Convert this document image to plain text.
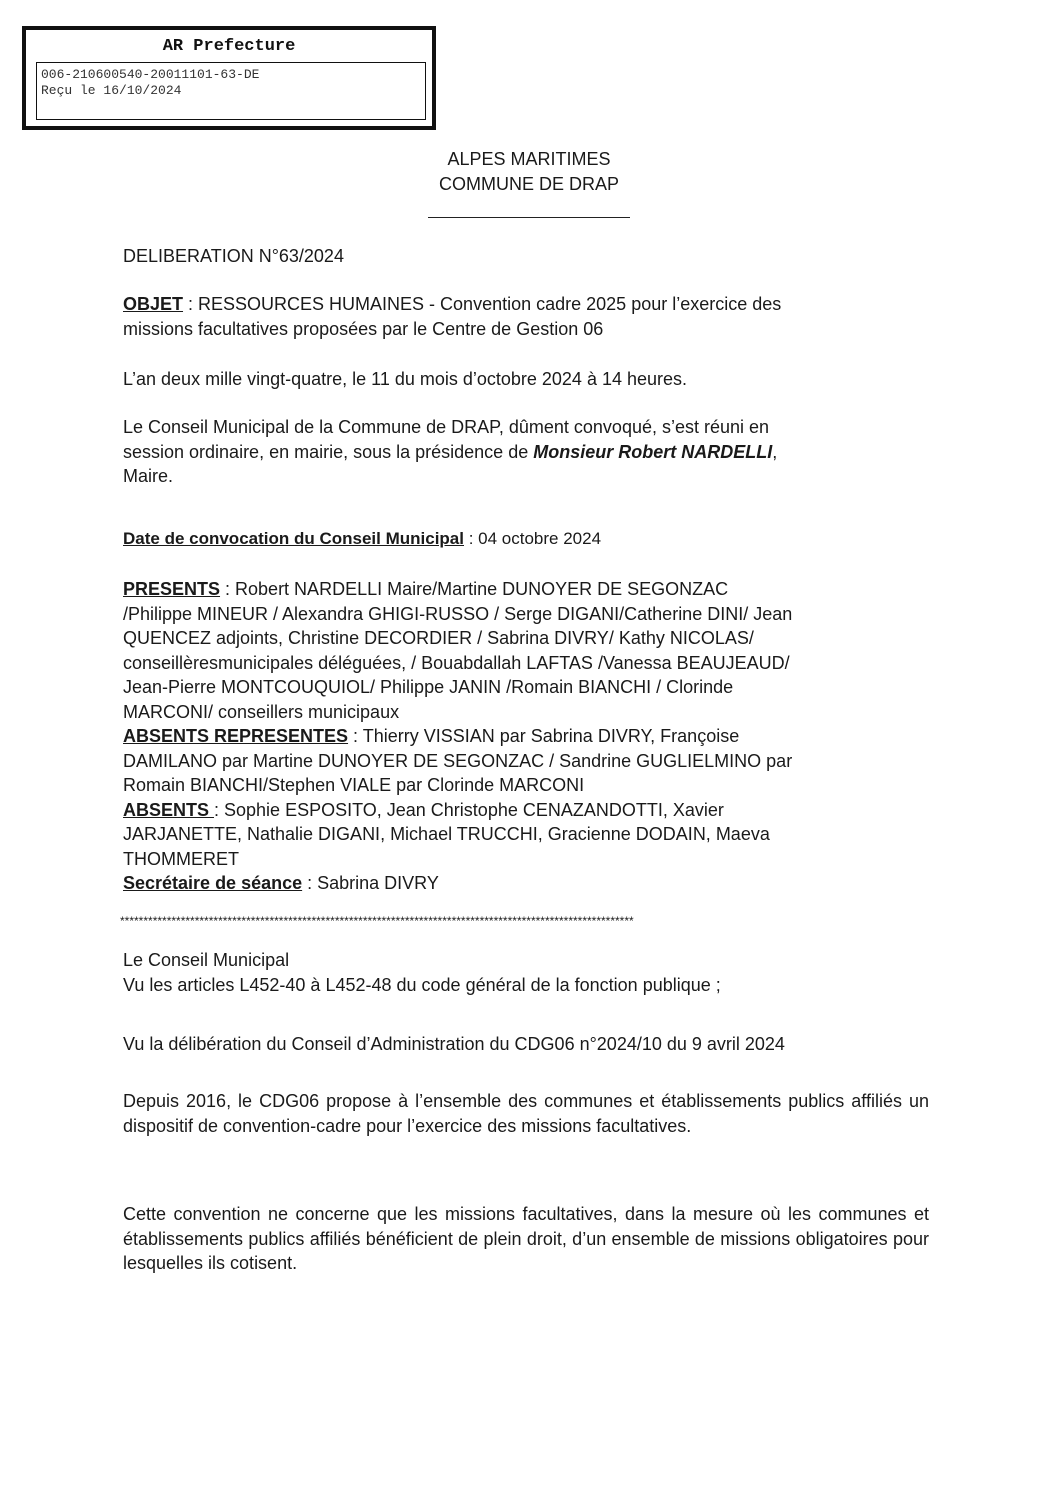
AR Prefecture
006-210600540-20011101-63-DE
Reçu le 16/10/2024
ALPES MARITIMES
COMMUNE DE DRAP

DELIBERATION N°63/2024

OBJET : RESSOURCES HUMAINES - Convention cadre 2025 pour l’exercice des
missions facultatives proposées par le Centre de Gestion 06

L’an deux mille vingt-quatre, le 11 du mois d’octobre 2024 à 14 heures.

Le Conseil Municipal de la Commune de DRAP, dûment convoqué, s’est réuni en
session ordinaire, en mairie, sous la présidence de Monsieur Robert NARDELLI,
Maire.

Date de convocation du Conseil Municipal : 04 octobre 2024

PRESENTS : Robert NARDELLI Maire/Martine DUNOYER DE SEGONZAC
/Philippe MINEUR / Alexandra GHIGI-RUSSO / Serge DIGANI/Catherine DINI/ Jean
QUENCEZ adjoints, Christine DECORDIER / Sabrina DIVRY/ Kathy NICOLAS/
conseillèresmunicipales déléguées, / Bouabdallah LAFTAS /Vanessa BEAUJEAUD/
Jean-Pierre MONTCOUQUIOL/ Philippe JANIN /Romain BIANCHI / Clorinde
MARCONI/ conseillers municipaux
ABSENTS REPRESENTES : Thierry VISSIAN par Sabrina DIVRY, Françoise
DAMILANO par Martine DUNOYER DE SEGONZAC / Sandrine GUGLIELMINO par
Romain BIANCHI/Stephen VIALE par Clorinde MARCONI
ABSENTS : Sophie ESPOSITO, Jean Christophe CENAZANDOTTI, Xavier
JARJANETTE, Nathalie DIGANI, Michael TRUCCHI, Gracienne DODAIN, Maeva
THOMMERET
Secrétaire de séance : Sabrina DIVRY

**************************************************************************************************************

Le Conseil Municipal
Vu les articles L452-40 à L452-48 du code général de la fonction publique ;

Vu la délibération du Conseil d’Administration du CDG06 n°2024/10 du 9 avril 2024

Depuis 2016, le CDG06 propose à l’ensemble des communes et établissements publics affiliés un dispositif de convention-cadre pour l’exercice des missions facultatives.

Cette convention ne concerne que les missions facultatives, dans la mesure où les communes et établissements publics affiliés bénéficient de plein droit, d’un ensemble de missions obligatoires pour lesquelles ils cotisent.
